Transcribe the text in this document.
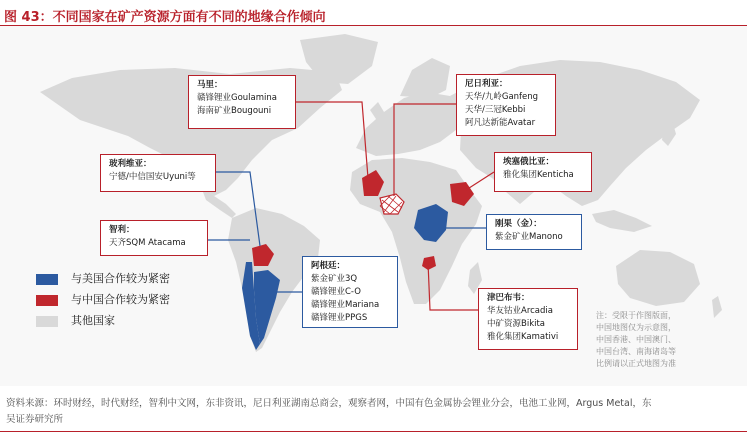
图 43：不同国家在矿产资源方面有不同的地缘合作倾向
马里：
赣锋锂业Goulamina
海南矿业Bougouni
尼日利亚：
天华/九岭Ganfeng
天华/三冠Kebbi
阿凡达新能Avatar
埃塞俄比亚：
雅化集团Kenticha
玻利维亚：
宁德/中信国安Uyuni等
智利：
天齐SQM Atacama
阿根廷：
紫金矿业3Q
赣锋锂业C-O
赣锋锂业Mariana
赣锋锂业PPGS
刚果（金）：
紫金矿业Manono
津巴布韦：
华友钴业Arcadia
中矿资源Bikita
雅化集团Kamativi
与美国合作较为紧密
与中国合作较为紧密
其他国家	注：受限于作图版面，
中国地图仅为示意图，
中国香港、中国澳门、
中国台湾、南海诸岛等
比例请以正式地图为准
资料来源：环时财经，时代财经，智利中文网，东非资讯，尼日利亚湖南总商会，观察者网，中国有色金属协会锂业分会，电池工业网，Argus Metal，东
吴证券研究所
